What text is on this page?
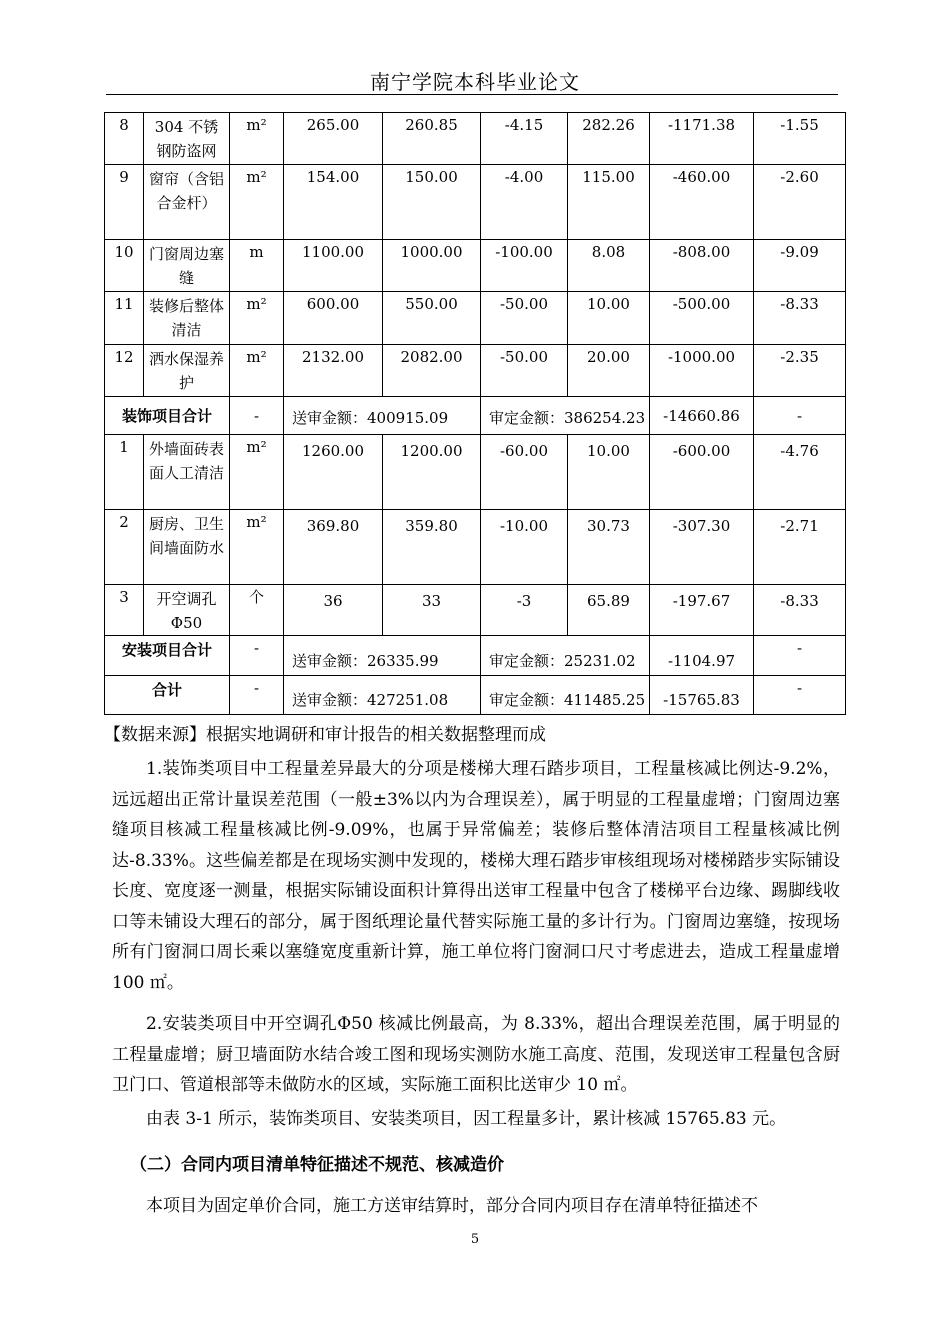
南宁学院本科毕业论文
8	304 不锈钢防盗网	m²	265.00	260.85	-4.15	282.26	-1171.38	-1.55
9	窗帘（含铝合金杆）	m²	154.00	150.00	-4.00	115.00	-460.00	-2.60
10	门窗周边塞缝	m	1100.00	1000.00	-100.00	8.08	-808.00	-9.09
11	装修后整体清洁	m²	600.00	550.00	-50.00	10.00	-500.00	-8.33
12	洒水保湿养护	m²	2132.00	2082.00	-50.00	20.00	-1000.00	-2.35
装饰项目合计		-	送审金额：400915.09		审定金额：386254.23		-14660.86	-
1	外墙面砖表面人工清洁	m²	1260.00	1200.00	-60.00	10.00	-600.00	-4.76
2	厨房、卫生间墙面防水	m²	369.80	359.80	-10.00	30.73	-307.30	-2.71
3	开空调孔Φ50	个	36	33	-3	65.89	-197.67	-8.33
安装项目合计		-	送审金额：26335.99		审定金额：25231.02		-1104.97	-
合计		-	送审金额：427251.08		审定金额：411485.25		-15765.83	-
【数据来源】根据实地调研和审计报告的相关数据整理而成
1.装饰类项目中工程量差异最大的分项是楼梯大理石踏步项目，工程量核减比例达-9.2%，远远超出正常计量误差范围（一般±3%以内为合理误差），属于明显的工程量虚增；门窗周边塞缝项目核减工程量核减比例-9.09%，也属于异常偏差；装修后整体清洁项目工程量核减比例达-8.33%。这些偏差都是在现场实测中发现的，楼梯大理石踏步审核组现场对楼梯踏步实际铺设长度、宽度逐一测量，根据实际铺设面积计算得出送审工程量中包含了楼梯平台边缘、踢脚线收口等未铺设大理石的部分，属于图纸理论量代替实际施工量的多计行为。门窗周边塞缝，按现场所有门窗洞口周长乘以塞缝宽度重新计算，施工单位将门窗洞口尺寸考虑进去，造成工程量虚增 100 ㎡。
2.安装类项目中开空调孔Φ50 核减比例最高，为 8.33%，超出合理误差范围，属于明显的工程量虚增；厨卫墙面防水结合竣工图和现场实测防水施工高度、范围，发现送审工程量包含厨卫门口、管道根部等未做防水的区域，实际施工面积比送审少 10 ㎡。
由表 3-1 所示，装饰类项目、安装类项目，因工程量多计，累计核减 15765.83 元。
（二）合同内项目清单特征描述不规范、核减造价
本项目为固定单价合同，施工方送审结算时，部分合同内项目存在清单特征描述不
5
